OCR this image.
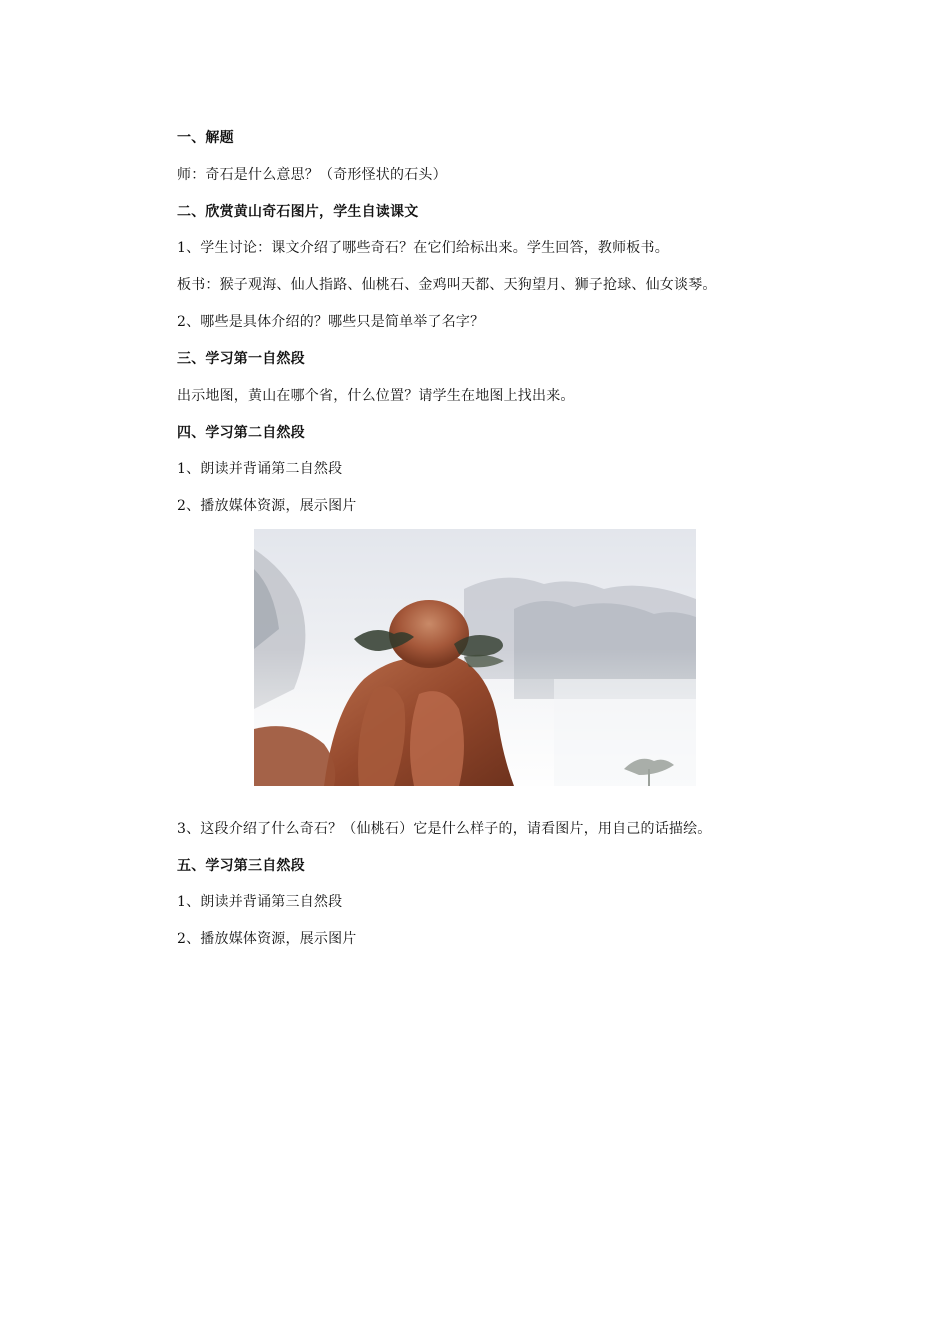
一、解题
师：奇石是什么意思？（奇形怪状的石头）
二、欣赏黄山奇石图片，学生自读课文
1、学生讨论：课文介绍了哪些奇石？在它们给标出来。学生回答，教师板书。
板书：猴子观海、仙人指路、仙桃石、金鸡叫天都、天狗望月、狮子抢球、仙女谈琴。
2、哪些是具体介绍的？哪些只是简单举了名字？
三、学习第一自然段
出示地图，黄山在哪个省，什么位置？请学生在地图上找出来。
四、学习第二自然段
1、朗读并背诵第二自然段
2、播放媒体资源，展示图片
3、这段介绍了什么奇石？（仙桃石）它是什么样子的，请看图片，用自己的话描绘。
五、学习第三自然段
1、朗读并背诵第三自然段
2、播放媒体资源，展示图片
